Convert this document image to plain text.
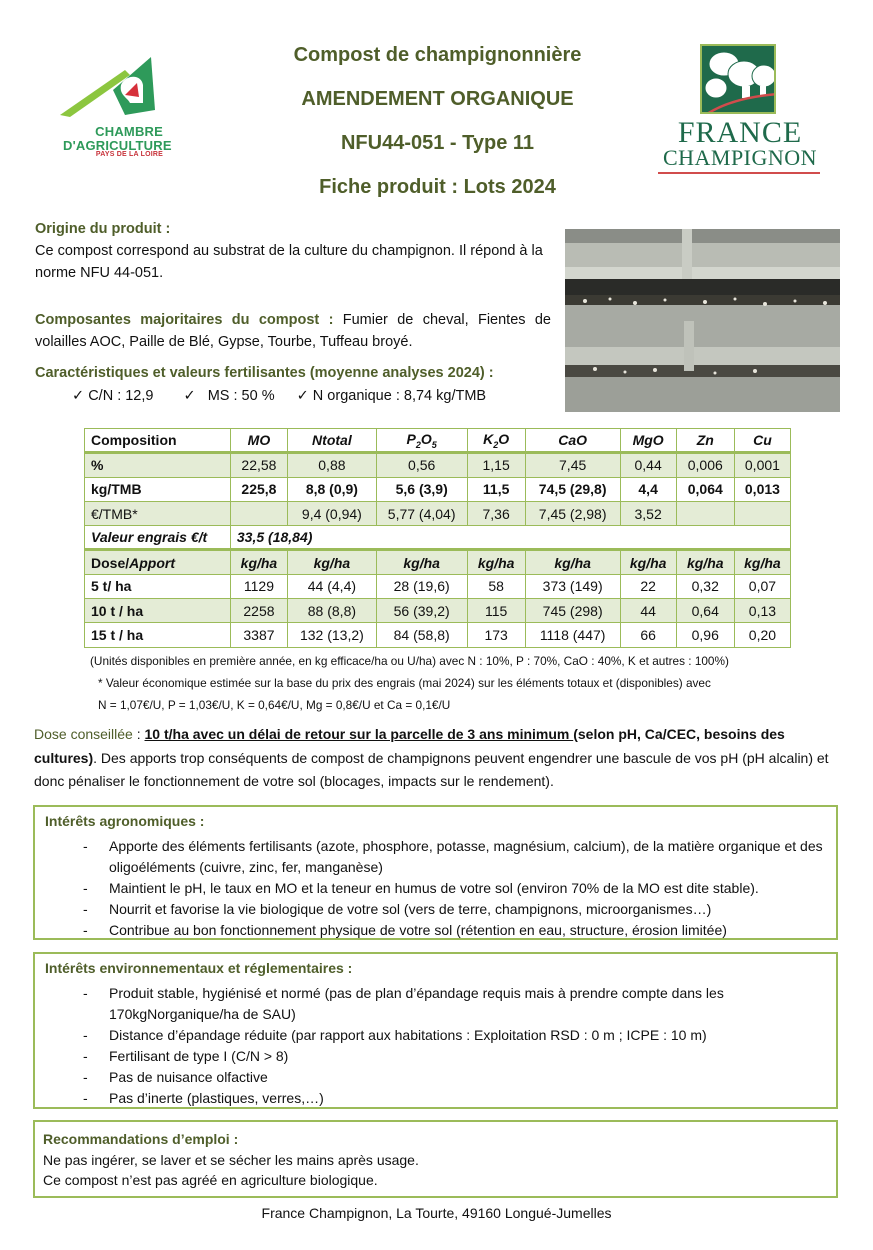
CHAMBRE
D'AGRICULTURE
PAYS DE LA LOIRE
Compost de champignonnière
AMENDEMENT ORGANIQUE
NFU44-051 - Type 11
Fiche produit : Lots 2024
FRANCE
CHAMPIGNON
Origine du produit :
Ce compost correspond au substrat de la culture du champignon. Il répond à la norme NFU 44-051.
Composantes majoritaires du compost : Fumier de cheval, Fientes de volailles AOC, Paille de Blé, Gypse, Tourbe, Tuffeau broyé.
Caractéristiques et valeurs fertilisantes (moyenne analyses 2024) :
✓ C/N : 12,9 ✓ MS : 50 % ✓ N organique : 8,74 kg/TMB
Composition	MO	Ntotal	$P_2O_5$	$K_2O$	CaO	MgO	Zn	Cu
%	22,58	0,88	0,56	1,15	7,45	0,44	0,006	0,001
kg/TMB	225,8	8,8 (0,9)	5,6 (3,9)	11,5	74,5 (29,8)	4,4	0,064	0,013
€/TMB*		9,4 (0,94)	5,77 (4,04)	7,36	7,45 (2,98)	3,52		
Valeur engrais €/t	33,5 (18,84)							
Dose/Apport	kg/ha	kg/ha	kg/ha	kg/ha	kg/ha	kg/ha	kg/ha	kg/ha
5 t/ ha	1129	44 (4,4)	28 (19,6)	58	373 (149)	22	0,32	0,07
10 t / ha	2258	88 (8,8)	56 (39,2)	115	745 (298)	44	0,64	0,13
15 t / ha	3387	132 (13,2)	84 (58,8)	173	1118 (447)	66	0,96	0,20
(Unités disponibles en première année, en kg efficace/ha ou U/ha) avec N : 10%, P : 70%, CaO : 40%, K et autres : 100%)
* Valeur économique estimée sur la base du prix des engrais (mai 2024) sur les éléments totaux et (disponibles) avec
N = 1,07€/U, P = 1,03€/U, K = 0,64€/U, Mg = 0,8€/U et Ca = 0,1€/U
Dose conseillée : 10 t/ha avec un délai de retour sur la parcelle de 3 ans minimum (selon pH, Ca/CEC, besoins des cultures). Des apports trop conséquents de compost de champignons peuvent engendrer une bascule de vos pH (pH alcalin) et donc pénaliser le fonctionnement de votre sol (blocages, impacts sur le rendement).
Intérêts agronomiques :
- Apporte des éléments fertilisants (azote, phosphore, potasse, magnésium, calcium), de la matière organique et des oligoéléments (cuivre, zinc, fer, manganèse)
- Maintient le pH, le taux en MO et la teneur en humus de votre sol (environ 70% de la MO est dite stable).
- Nourrit et favorise la vie biologique de votre sol (vers de terre, champignons, microorganismes…)
- Contribue au bon fonctionnement physique de votre sol (rétention en eau, structure, érosion limitée)
Intérêts environnementaux et réglementaires :
- Produit stable, hygiénisé et normé (pas de plan d’épandage requis mais à prendre compte dans les 170kgNorganique/ha de SAU)
- Distance d’épandage réduite (par rapport aux habitations : Exploitation RSD : 0 m ; ICPE : 10 m)
- Fertilisant de type I (C/N > 8)
- Pas de nuisance olfactive
- Pas d’inerte (plastiques, verres,…)
Recommandations d’emploi :

Ne pas ingérer, se laver et se sécher les mains après usage.

Ce compost n’est pas agréé en agriculture biologique.

France Champignon, La Tourte, 49160 Longué-Jumelles
